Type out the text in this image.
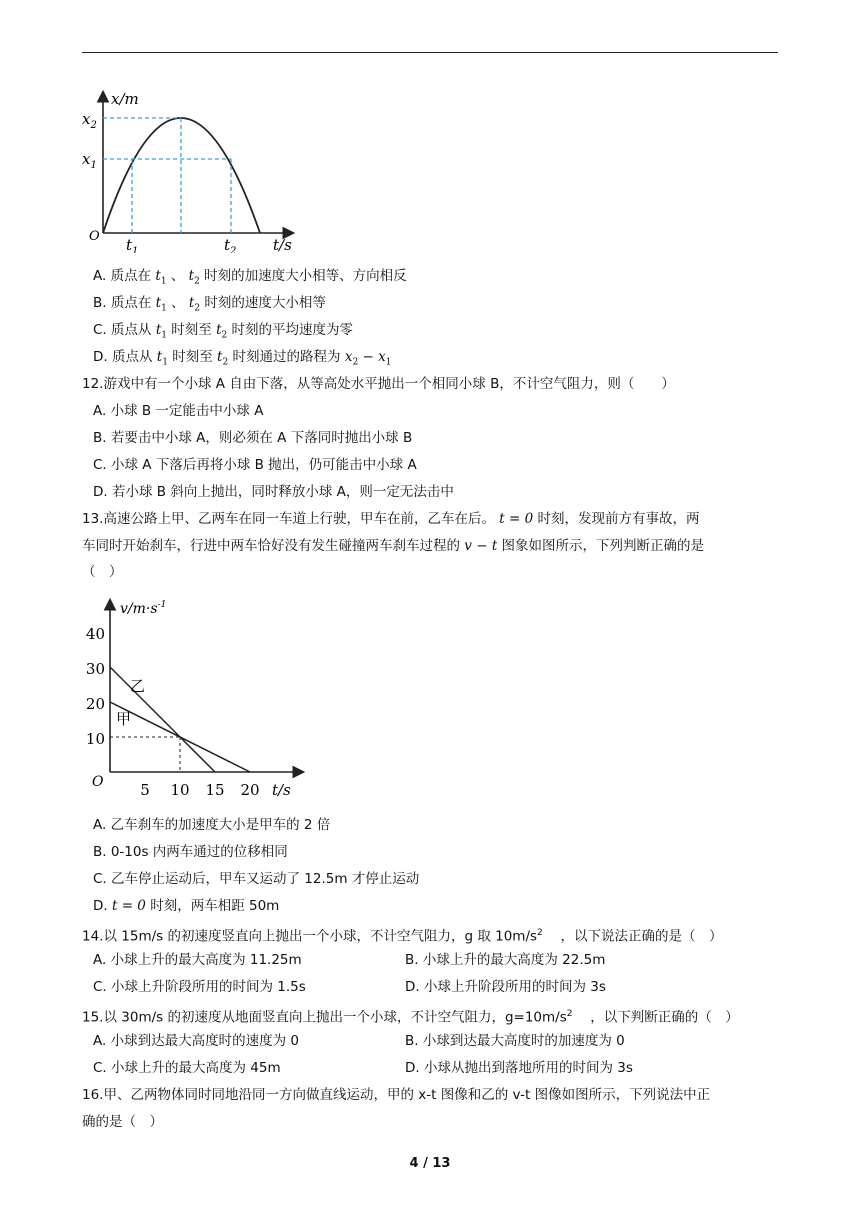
x/m
$x_2$
$x_1$
O $t_1$	$t_2$ t/s
A. 质点在 $t_1$ 、 $t_2$ 时刻的加速度大小相等、方向相反
B. 质点在 $t_1$ 、 $t_2$ 时刻的速度大小相等
C. 质点从 $t_1$ 时刻至 $t_2$ 时刻的平均速度为零
D. 质点从 $t_1$ 时刻至 $t_2$ 时刻通过的路程为 $x_2 - x_1$
12.游戏中有一个小球 A 自由下落，从等高处水平抛出一个相同小球 B，不计空气阻力，则（　　）
A. 小球 B 一定能击中小球 A
B. 若要击中小球 A，则必须在 A 下落同时抛出小球 B
C. 小球 A 下落后再将小球 B 抛出，仍可能击中小球 A
D. 若小球 B 斜向上抛出，同时释放小球 A，则一定无法击中
13.高速公路上甲、乙两车在同一车道上行驶，甲车在前，乙车在后。 t = 0 时刻，发现前方有事故，两
车同时开始刹车，行进中两车恰好没有发生碰撞两车刹车过程的 v − t 图象如图所示，下列判断正确的是
（　）
$v/m\cdot s^{-1}$
t/s
O
10
20
30
40
5 10 15 20
乙
甲
A. 乙车刹车的加速度大小是甲车的 2 倍
B. 0-10s 内两车通过的位移相同
C. 乙车停止运动后，甲车又运动了 12.5m 才停止运动
D. t = 0 时刻，两车相距 50m
14.以 15m/s 的初速度竖直向上抛出一个小球，不计空气阻力，g 取 $10m/s^2$ 　，以下说法正确的是（　）
A. 小球上升的最大高度为 11.25m	B. 小球上升的最大高度为 22.5m
C. 小球上升阶段所用的时间为 1.5s	D. 小球上升阶段所用的时间为 3s
15.以 30m/s 的初速度从地面竖直向上抛出一个小球，不计空气阻力，$g=10m/s^2$ 　，以下判断正确的（　）
A. 小球到达最大高度时的速度为 0	B. 小球到达最大高度时的加速度为 0
C. 小球上升的最大高度为 45m	D. 小球从抛出到落地所用的时间为 3s
16.甲、乙两物体同时同地沿同一方向做直线运动，甲的 x-t 图像和乙的 v-t 图像如图所示，下列说法中正
确的是（　）
4 / 13
